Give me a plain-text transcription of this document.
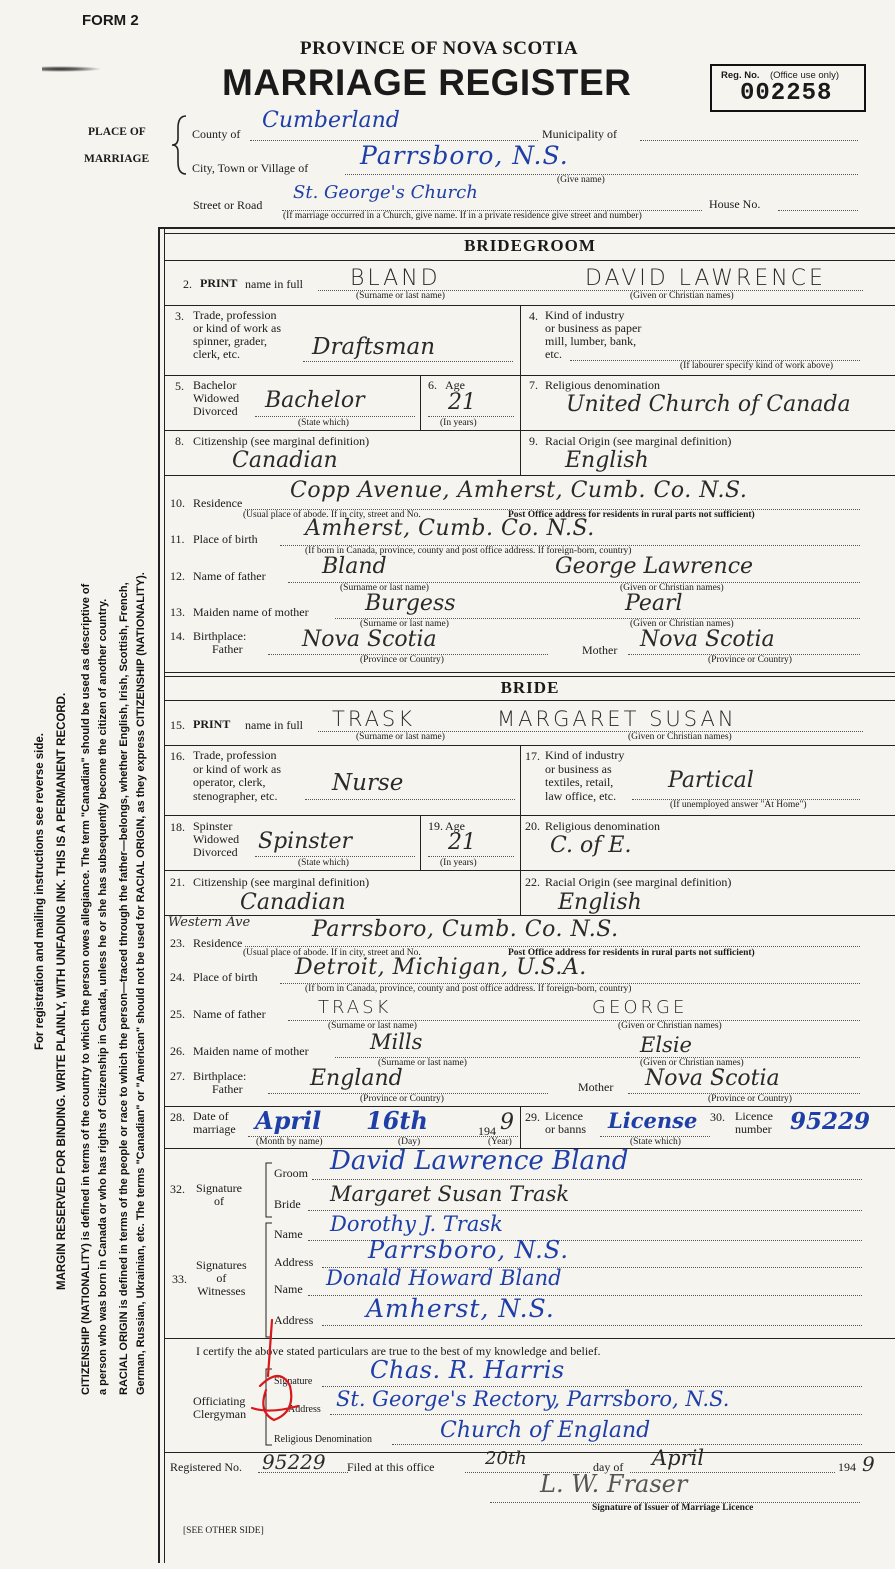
FORM 2
PROVINCE OF NOVA SCOTIA
MARRIAGE REGISTER	Reg. No. (Office use only)
002258
PLACE OF
MARRIAGE
County of
Cumberland
Municipality of
City, Town or Village of Parrsboro, N.S.
(Give name)
Street or Road
St. George's Church
House No.
(If marriage occurred in a Church, give name. If in a private residence give street and number)
For registration and mailing instructions see reverse side. MARGIN RESERVED FOR BINDING. WRITE PLAINLY, WITH UNFADING INK. THIS IS A PERMANENT RECORD. CITIZENSHIP (NATIONALITY) is defined in terms of the country to which the person owes allegiance. The term "Canadian" should be used as descriptive of a person who was born in Canada or who has rights of Citizenship in Canada, unless he or she has subsequently become the citizen of another country. RACIAL ORIGIN is defined in terms of the people or race to which the person—traced through the father—belongs, whether English, Irish, Scottish, French, German, Russian, Ukrainian, etc. The terms "Canadian" or "American" should not be used for RACIAL ORIGIN, as they express CITIZENSHIP (NATIONALITY).
BRIDEGROOM
2. PRINT name in full BLAND	DAVID LAWRENCE
(Surname or last name)	(Given or Christian names)
3. Trade, profession
or kind of work as
spinner, grader,
clerk, etc.	Draftsman
4. Kind of industry
or business as paper
mill, lumber, bank,
etc.
(If labourer specify kind of work above)
5. Bachelor
Widowed
Divorced Bachelor
(State which)
6. Age
21
(In years)
7. Religious denomination
United Church of Canada
8. Citizenship (see marginal definition)
Canadian
9. Racial Origin (see marginal definition)
English
10. Residence Copp Avenue, Amherst, Cumb. Co. N.S.
(Usual place of abode. If in city, street and No.	Post Office address for residents in rural parts not sufficient)
11. Place of birth Amherst, Cumb. Co. N.S.
(If born in Canada, province, county and post office address. If foreign-born, country)
12. Name of father	Bland	George Lawrence
(Surname or last name)	(Given or Christian names)
13. Maiden name of mother	Burgess	Pearl
(Surname or last name)	(Given or Christian names)
14. Birthplace:
Father	Nova Scotia
(Province or Country)
Mother Nova Scotia
(Province or Country)
BRIDE
15. PRINT name in full TRASK	MARGARET SUSAN
(Surname or last name)	(Given or Christian names)
16. Trade, profession
or kind of work as
operator, clerk,
stenographer, etc. Nurse
17. Kind of industry
or business as
textiles, retail,
law office, etc.
Partical
(If unemployed answer "At Home")
18. Spinster
Widowed
Divorced Spinster
(State which)
19. Age
21
(In years)
20. Religious denomination
C. of E.
21. Citizenship (see marginal definition)
Canadian
22. Racial Origin (see marginal definition)
English
Western Ave
23. Residence
Parrsboro, Cumb. Co. N.S.
(Usual place of abode. If in city, street and No.	Post Office address for residents in rural parts not sufficient)
24. Place of birth Detroit, Michigan, U.S.A.
(If born in Canada, province, county and post office address. If foreign-born, country)
25. Name of father	TRASK	GEORGE
(Surname or last name)	(Given or Christian names)
26. Maiden name of mother	Mills	Elsie
(Surname or last name)	(Given or Christian names)
27. Birthplace:
Father	England
(Province or Country)
Mother Nova Scotia
(Province or Country)
28. Date of
marriage April 16th	194 9
(Month by name)	(Day)	(Year)
29. Licence
or banns License
(State which)
30. Licence
number 95229
32. Signature
of
Groom David Lawrence Bland
Bride Margaret Susan Trask
33.
Signatures
of
Witnesses
Name Dorothy J. Trask
Address Parrsboro, N.S.
Name Donald Howard Bland
Address Amherst, N.S.
I certify the above stated particulars are true to the best of my knowledge and belief.
Officiating
Clergyman
Signature Chas. R. Harris
Address St. George's Rectory, Parrsboro, N.S.
Religious Denomination	Church of England
Registered No. 95229 Filed at this office	20th	day of April	194 9
L. W. Fraser
Signature of Issuer of Marriage Licence
[SEE OTHER SIDE]
